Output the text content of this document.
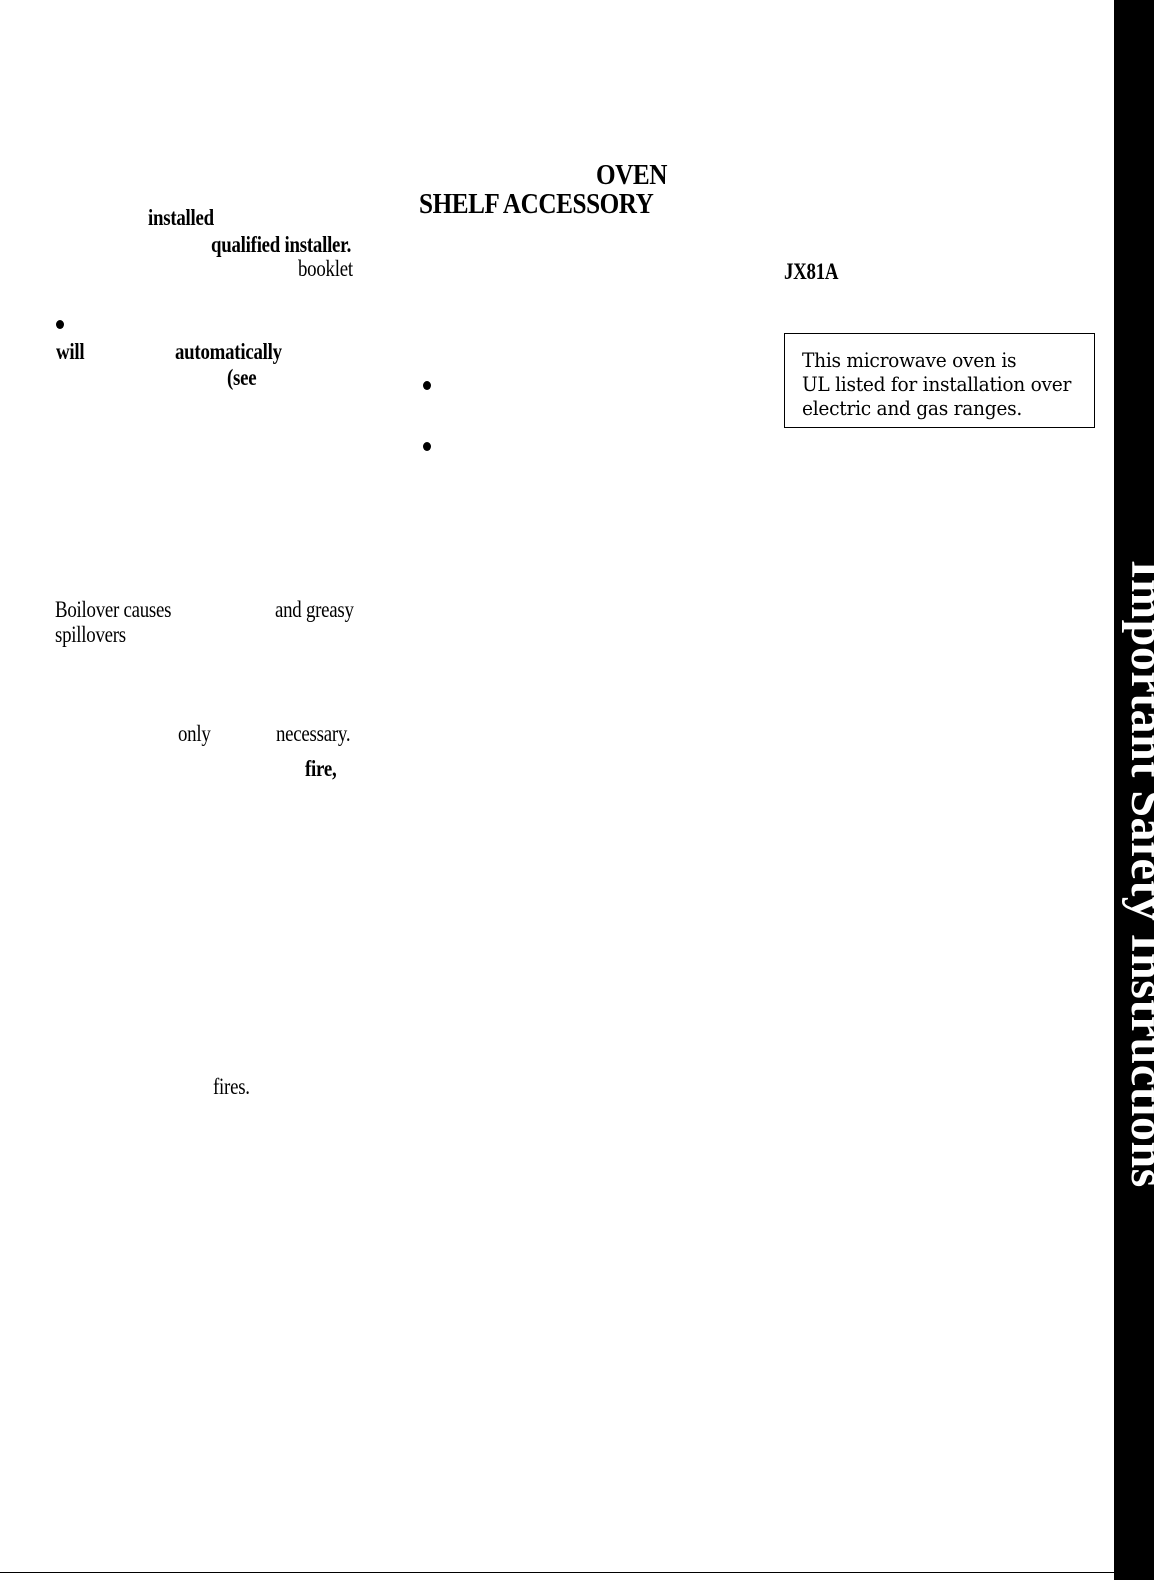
installed
qualified installer.
booklet
will	automatically
(see
Boilover causes	and greasy
spillovers
only	necessary.
fire,
fires.
OVEN
SHELF ACCESSORY
JX81A
This microwave oven is
UL listed for installation over
electric and gas ranges.
Important Safety Instructions
